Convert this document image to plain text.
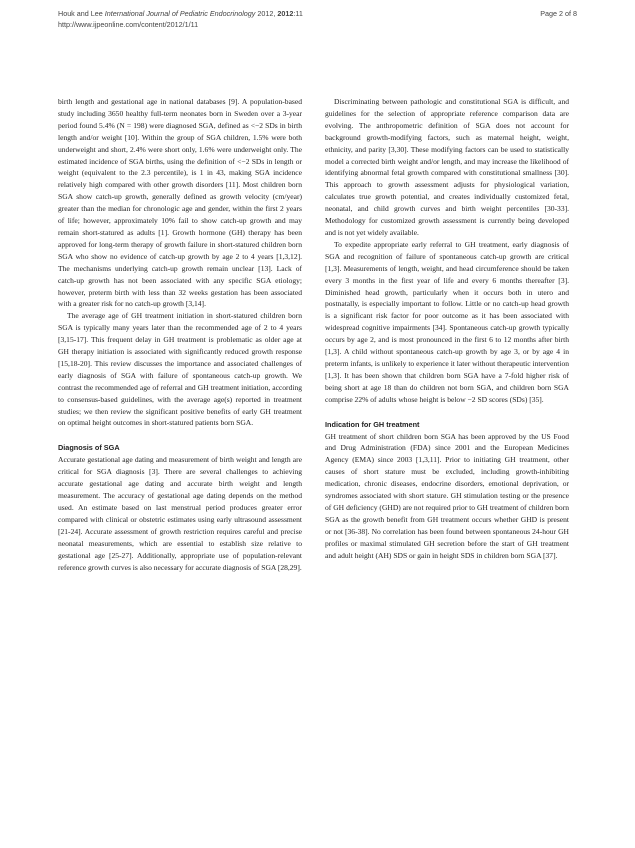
Houk and Lee International Journal of Pediatric Endocrinology 2012, 2012:11
http://www.ijpeonline.com/content/2012/1/11
Page 2 of 8

birth length and gestational age in national databases [9]. A population-based study including 3650 healthy full-term neonates born in Sweden over a 3-year period found 5.4% (N = 198) were diagnosed SGA, defined as <−2 SDs in birth length and/or weight [10]. Within the group of SGA children, 1.5% were both underweight and short, 2.4% were short only, 1.6% were underweight only. The estimated incidence of SGA births, using the definition of <−2 SDs in length or weight (equivalent to the 2.3 percentile), is 1 in 43, making SGA incidence relatively high compared with other growth disorders [11]. Most children born SGA show catch-up growth, generally defined as growth velocity (cm/year) greater than the median for chronologic age and gender, within the first 2 years of life; however, approximately 10% fail to show catch-up growth and may remain short-statured as adults [1]. Growth hormone (GH) therapy has been approved for long-term therapy of growth failure in short-statured children born SGA who show no evidence of catch-up growth by age 2 to 4 years [1,3,12]. The mechanisms underlying catch-up growth remain unclear [13]. Lack of catch-up growth has not been associated with any specific SGA etiology; however, preterm birth with less than 32 weeks gestation has been associated with a greater risk for no catch-up growth [3,14].

The average age of GH treatment initiation in short-statured children born SGA is typically many years later than the recommended age of 2 to 4 years [3,15-17]. This frequent delay in GH treatment is problematic as older age at GH therapy initiation is associated with significantly reduced growth response [15,18-20]. This review discusses the importance and associated challenges of early diagnosis of SGA with failure of spontaneous catch-up growth. We contrast the recommended age of referral and GH treatment initiation, according to consensus-based guidelines, with the average age(s) reported in treatment studies; we then review the significant positive benefits of early GH treatment on optimal height outcomes in short-statured patients born SGA.

Diagnosis of SGA

Accurate gestational age dating and measurement of birth weight and length are critical for SGA diagnosis [3]. There are several challenges to achieving accurate gestational age dating and accurate birth weight and length measurement. The accuracy of gestational age dating depends on the method used. An estimate based on last menstrual period produces greater error compared with clinical or obstetric estimates using early ultrasound assessment [21-24]. Accurate assessment of growth restriction requires careful and precise neonatal measurements, which are essential to establish size relative to gestational age [25-27]. Additionally, appropriate use of population-relevant reference growth curves is also necessary for accurate diagnosis of SGA [28,29].

Discriminating between pathologic and constitutional SGA is difficult, and guidelines for the selection of appropriate reference comparison data are evolving. The anthropometric definition of SGA does not account for background growth-modifying factors, such as maternal height, weight, ethnicity, and parity [3,30]. These modifying factors can be used to statistically model a corrected birth weight and/or length, and may increase the likelihood of identifying abnormal fetal growth compared with constitutional smallness [30]. This approach to growth assessment adjusts for physiological variation, calculates true growth potential, and creates individually customized fetal, neonatal, and child growth curves and birth weight percentiles [30-33]. Methodology for customized growth assessment is currently being developed and is not yet widely available.

To expedite appropriate early referral to GH treatment, early diagnosis of SGA and recognition of failure of spontaneous catch-up growth are critical [1,3]. Measurements of length, weight, and head circumference should be taken every 3 months in the first year of life and every 6 months thereafter [3]. Diminished head growth, particularly when it occurs both in utero and postnatally, is especially important to follow. Little or no catch-up head growth is a significant risk factor for poor outcome as it has been associated with widespread cognitive impairments [34]. Spontaneous catch-up growth typically occurs by age 2, and is most pronounced in the first 6 to 12 months after birth [1,3]. A child without spontaneous catch-up growth by age 3, or by age 4 in preterm infants, is unlikely to experience it later without therapeutic intervention [1,3]. It has been shown that children born SGA have a 7-fold higher risk of being short at age 18 than do children not born SGA, and children born SGA comprise 22% of adults whose height is below −2 SD scores (SDs) [35].

Indication for GH treatment

GH treatment of short children born SGA has been approved by the US Food and Drug Administration (FDA) since 2001 and the European Medicines Agency (EMA) since 2003 [1,3,11]. Prior to initiating GH treatment, other causes of short stature must be excluded, including growth-inhibiting medication, chronic diseases, endocrine disorders, emotional deprivation, or syndromes associated with short stature. GH stimulation testing or the presence of GH deficiency (GHD) are not required prior to GH treatment of children born SGA as the growth benefit from GH treatment occurs whether GHD is present or not [36-38]. No correlation has been found between spontaneous 24-hour GH profiles or maximal stimulated GH secretion before the start of GH treatment and adult height (AH) SDS or gain in height SDS in children born SGA [37].
